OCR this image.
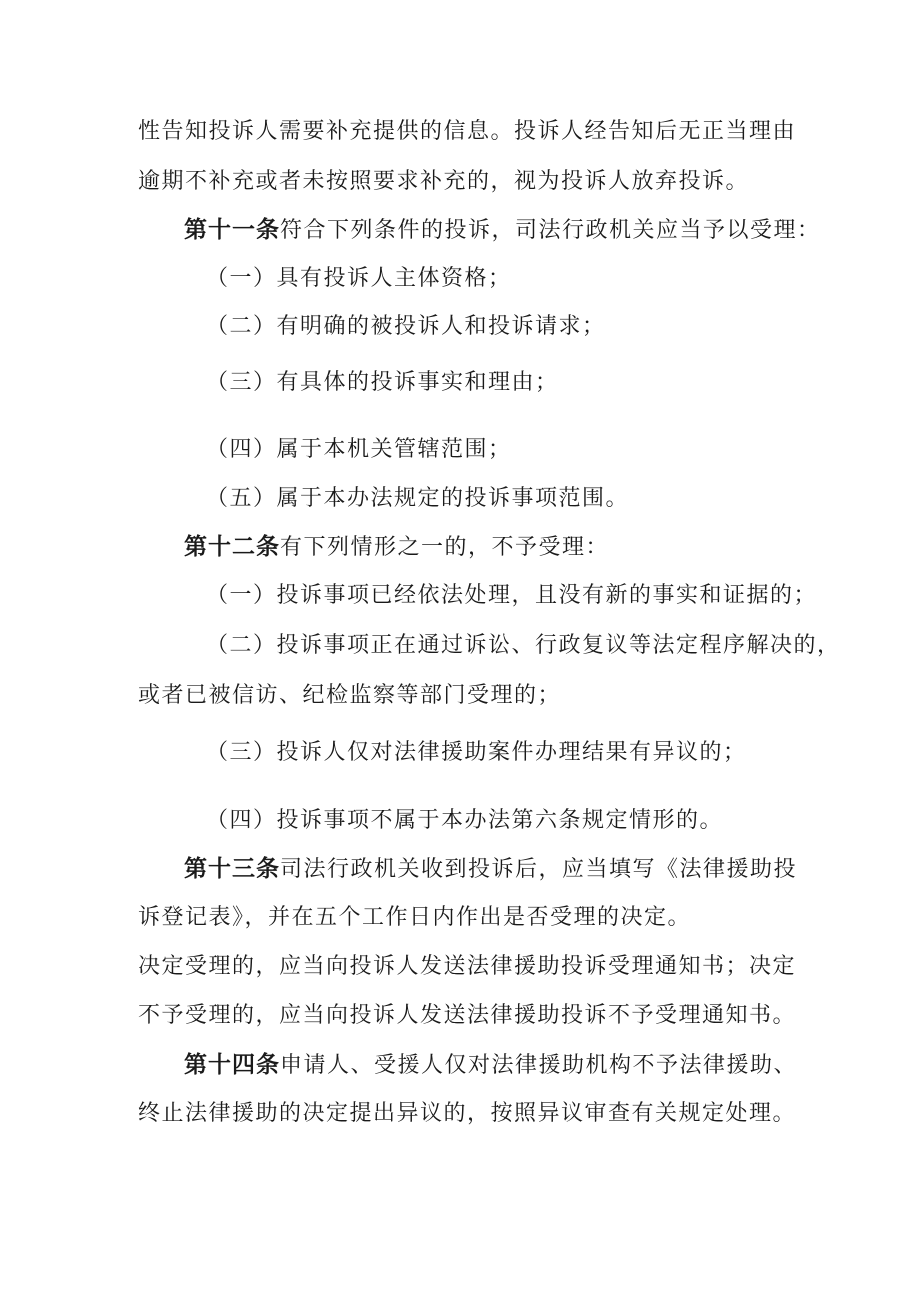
性告知投诉人需要补充提供的信息。投诉人经告知后无正当理由
逾期不补充或者未按照要求补充的，视为投诉人放弃投诉。
第十一条符合下列条件的投诉，司法行政机关应当予以受理：
（一）具有投诉人主体资格；
（二）有明确的被投诉人和投诉请求；
（三）有具体的投诉事实和理由；
（四）属于本机关管辖范围；
（五）属于本办法规定的投诉事项范围。
第十二条有下列情形之一的，不予受理：
（一）投诉事项已经依法处理，且没有新的事实和证据的；
（二）投诉事项正在通过诉讼、行政复议等法定程序解决的，
或者已被信访、纪检监察等部门受理的；
（三）投诉人仅对法律援助案件办理结果有异议的；
（四）投诉事项不属于本办法第六条规定情形的。
第十三条司法行政机关收到投诉后，应当填写《法律援助投
诉登记表》，并在五个工作日内作出是否受理的决定。
决定受理的，应当向投诉人发送法律援助投诉受理通知书；决定
不予受理的，应当向投诉人发送法律援助投诉不予受理通知书。
第十四条申请人、受援人仅对法律援助机构不予法律援助、
终止法律援助的决定提出异议的，按照异议审查有关规定处理。
